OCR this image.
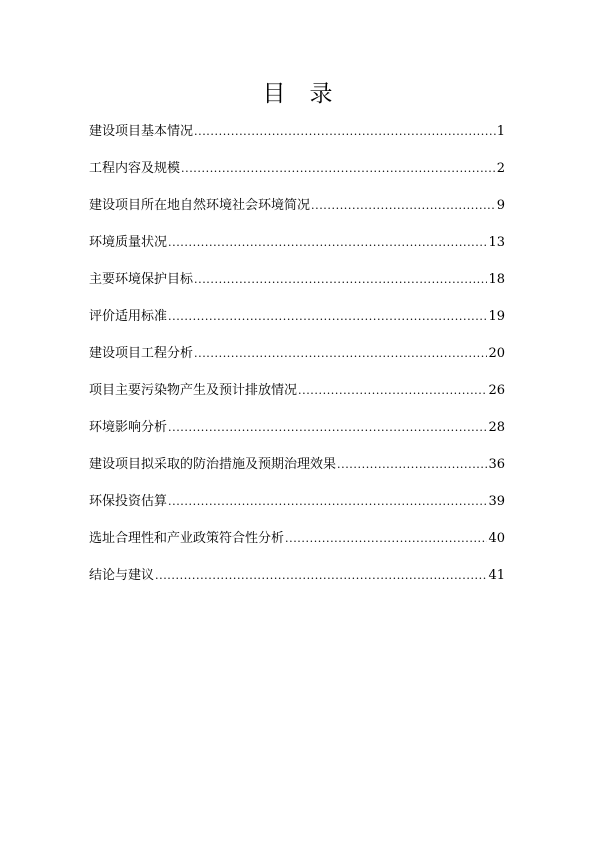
目 录
建设项目基本情况 .....	1
工程内容及规模 .....	2
建设项目所在地自然环境社会环境简况 .....	9
环境质量状况 .....	13
主要环境保护目标 .....	18
评价适用标准 .....	19
建设项目工程分析 .....	20
项目主要污染物产生及预计排放情况 .....	26
环境影响分析 .....	28
建设项目拟采取的防治措施及预期治理效果 .....	36
环保投资估算 .....	39
选址合理性和产业政策符合性分析 .....	40
结论与建议 .....	41
